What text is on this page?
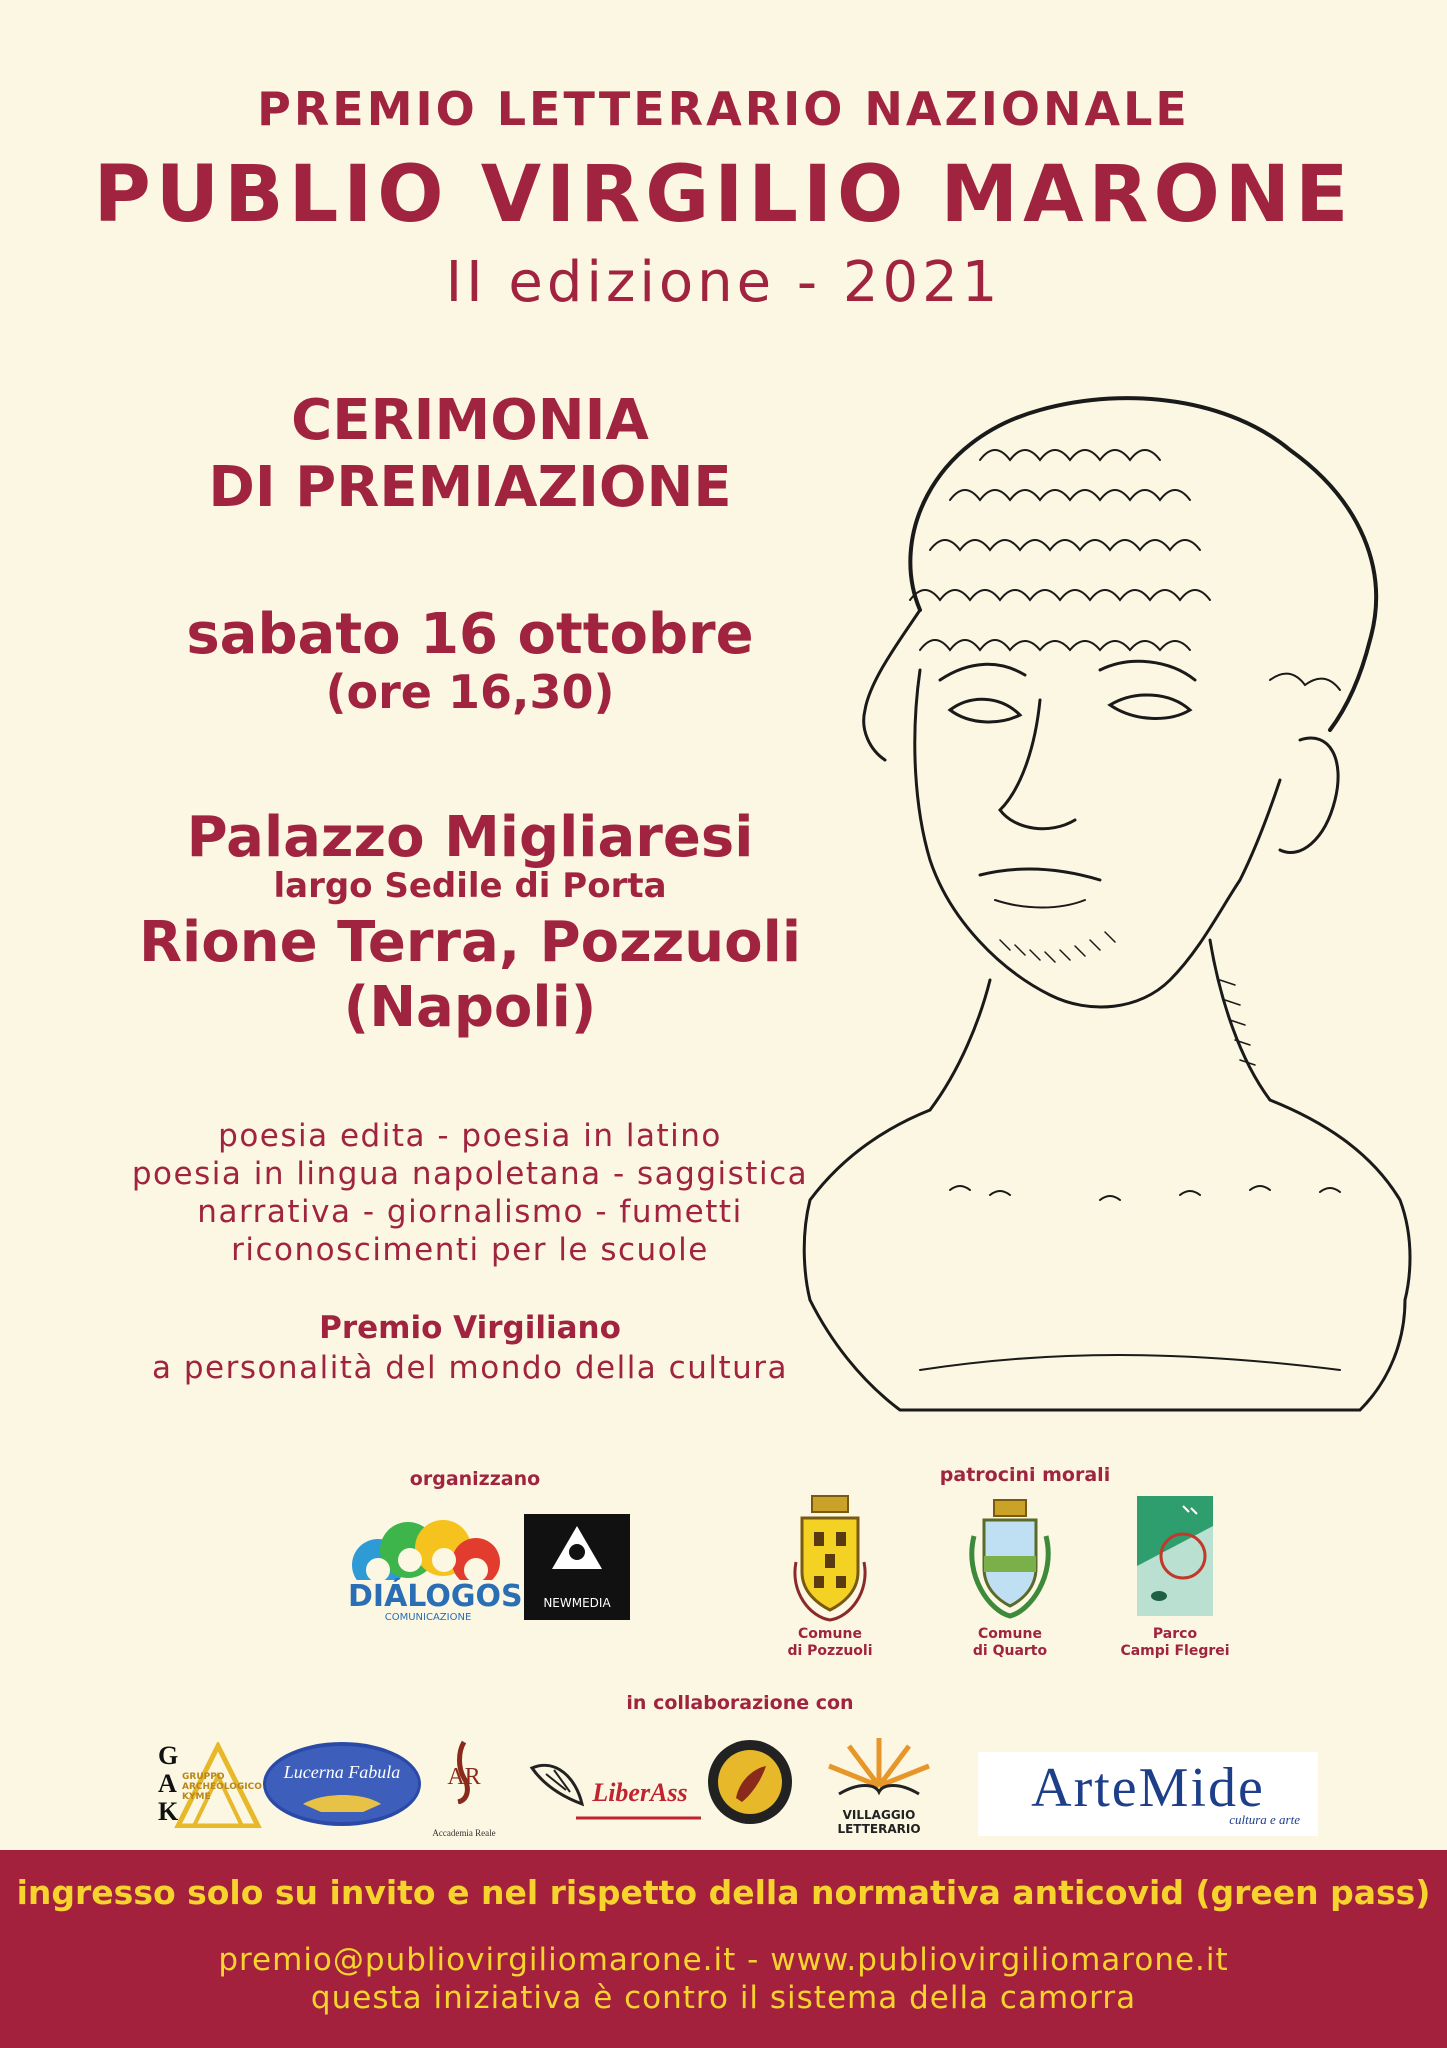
PREMIO LETTERARIO NAZIONALE
PUBLIO VIRGILIO MARONE
II edizione - 2021
CERIMONIA
DI PREMIAZIONE
sabato 16 ottobre
(ore 16,30)
Palazzo Migliaresi
largo Sedile di Porta
Rione Terra, Pozzuoli
(Napoli)
poesia edita - poesia in latino
poesia in lingua napoletana - saggistica
narrativa - giornalismo - fumetti
riconoscimenti per le scuole
Premio Virgiliano
a personalità del mondo della cultura
organizzano	patrocini morali
in collaborazione con
DIÁLOGOS
COMUNICAZIONE
NEWMEDIA
Comune
di Pozzuoli
Comune
di Quarto
Parco
Campi Flegrei
G
A
K
GRUPPO
ARCHEOLOGICO
KYME
Lucerna Fabula	AR
Accademia Reale
LiberAss
VILLAGGIO LETTERARIO
ArteMide
cultura e arte
ingresso solo su invito e nel rispetto della normativa anticovid (green pass)
premio@publiovirgiliomarone.it - www.publiovirgiliomarone.it
questa iniziativa è contro il sistema della camorra
